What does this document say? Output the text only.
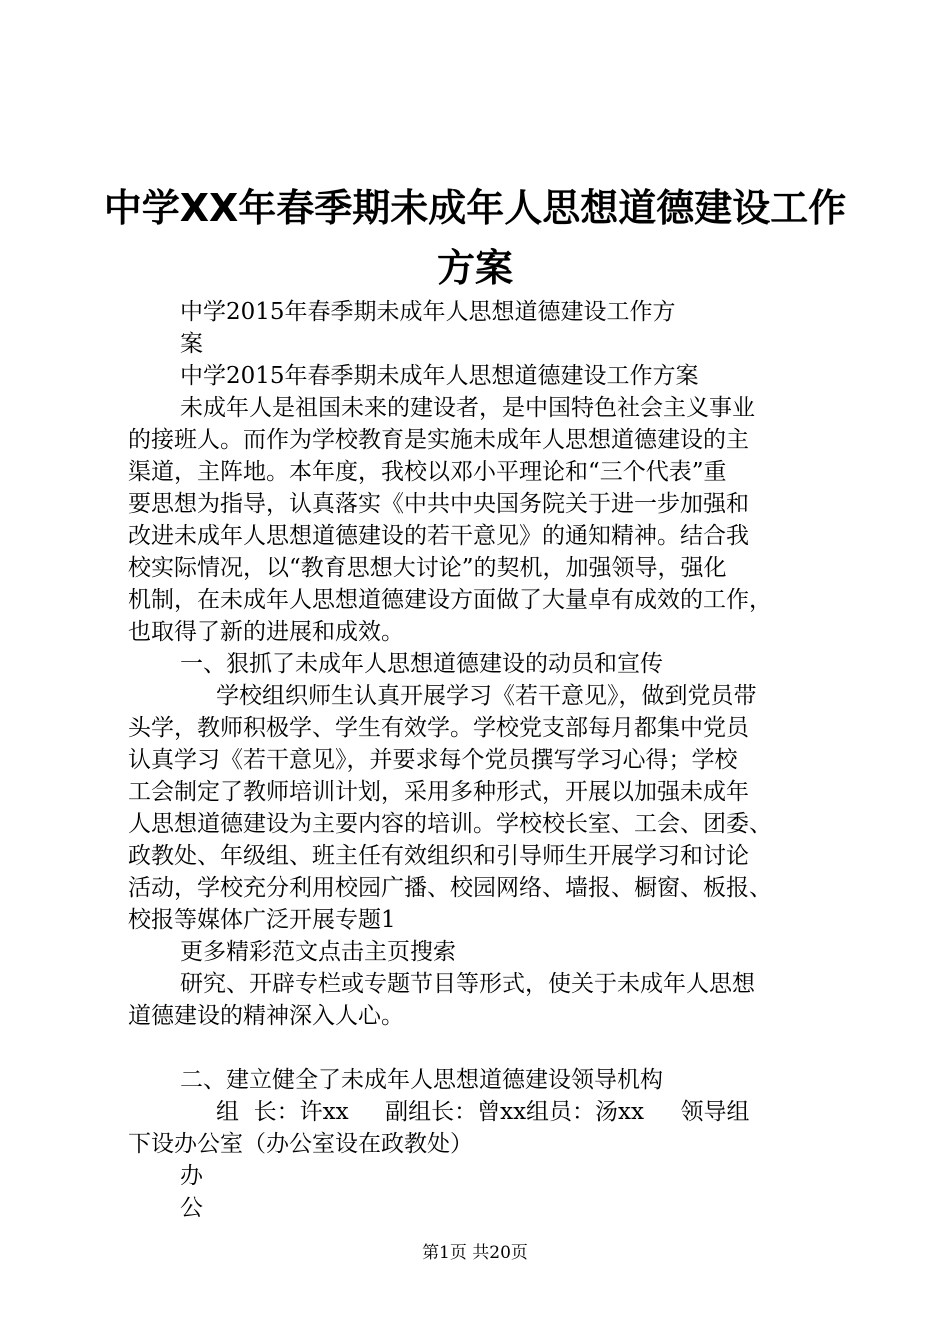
中学XX年春季期未成年人思想道德建设工作
方案
中学2015年春季期未成年人思想道德建设工作方
案
中学2015年春季期未成年人思想道德建设工作方案
未成年人是祖国未来的建设者，是中国特色社会主义事业
的接班人。而作为学校教育是实施未成年人思想道德建设的主
渠道，主阵地。本年度，我校以邓小平理论和“三个代表”重
要思想为指导，认真落实《中共中央国务院关于进一步加强和
改进未成年人思想道德建设的若干意见》的通知精神。结合我
校实际情况，以“教育思想大讨论”的契机，加强领导，强化
机制，在未成年人思想道德建设方面做了大量卓有成效的工作，
也取得了新的进展和成效。
一、狠抓了未成年人思想道德建设的动员和宣传
学校组织师生认真开展学习《若干意见》，做到党员带
头学，教师积极学、学生有效学。学校党支部每月都集中党员
认真学习《若干意见》，并要求每个党员撰写学习心得；学校
工会制定了教师培训计划，采用多种形式，开展以加强未成年
人思想道德建设为主要内容的培训。学校校长室、工会、团委、
政教处、年级组、班主任有效组织和引导师生开展学习和讨论
活动，学校充分利用校园广播、校园网络、墙报、橱窗、板报、
校报等媒体广泛开展专题1
更多精彩范文点击主页搜索
研究、开辟专栏或专题节目等形式，使关于未成年人思想
道德建设的精神深入人心。
二、建立健全了未成年人思想道德建设领导机构
组  长：许xx     副组长：曾xx组员：汤xx     领导组
下设办公室（办公室设在政教处）
办
公
第1页 共20页
